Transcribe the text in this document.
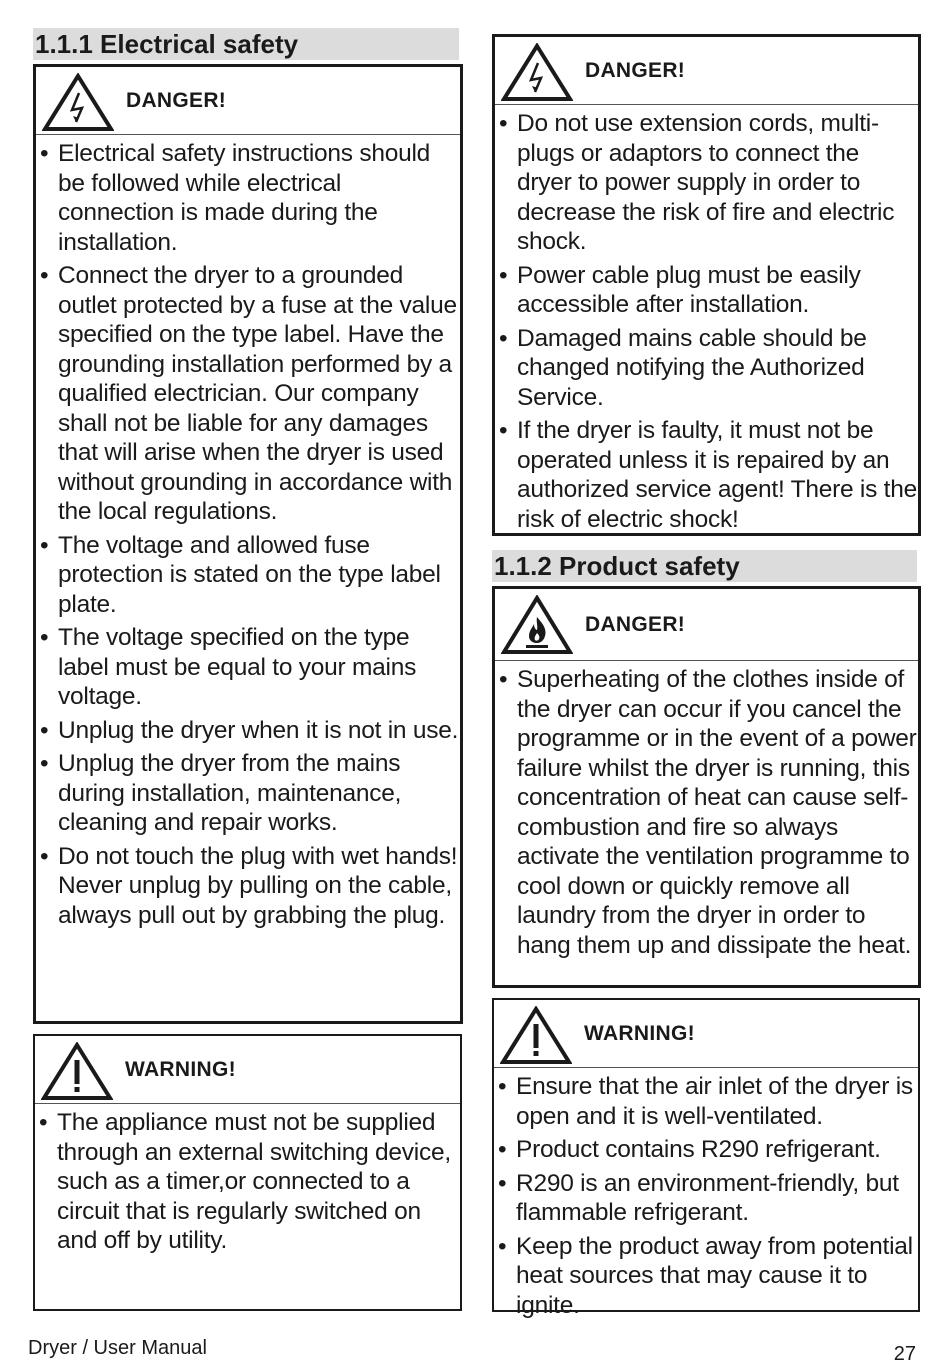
1.1.1 Electrical safety
DANGER!
• Electrical safety instructions should be followed while electrical connection is made during the installation.
• Connect the dryer to a grounded outlet protected by a fuse at the value specified on the type label. Have the grounding installation performed by a qualified electrician. Our company shall not be liable for any damages that will arise when the dryer is used without grounding in accordance with the local regulations.
• The voltage and allowed fuse protection is stated on the type label plate.
• The voltage specified on the type label must be equal to your mains voltage.
• Unplug the dryer when it is not in use.
• Unplug the dryer from the mains during installation, maintenance, cleaning and repair works.
• Do not touch the plug with wet hands! Never unplug by pulling on the cable, always pull out by grabbing the plug.
WARNING!
• The appliance must not be supplied through an external switching device, such as a timer,or connected to a circuit that is regularly switched on and off by utility.
DANGER!
• Do not use extension cords, multi-plugs or adaptors to connect the dryer to power supply in order to decrease the risk of fire and electric shock.
• Power cable plug must be easily accessible after installation.
• Damaged mains cable should be changed notifying the Authorized Service.
• If the dryer is faulty, it must not be operated unless it is repaired by an authorized service agent! There is the risk of electric shock!
1.1.2 Product safety
DANGER!
• Superheating of the clothes inside of the dryer can occur if you cancel the programme or in the event of a power failure whilst the dryer is running, this concentration of heat can cause self-combustion and fire so always activate the ventilation programme to cool down or quickly remove all laundry from the dryer in order to hang them up and dissipate the heat.
WARNING!
• Ensure that the air inlet of the dryer is open and it is well-ventilated.
• Product contains R290 refrigerant.
• R290 is an environment-friendly, but flammable refrigerant.
• Keep the product away from potential heat sources that may cause it to ignite.
Dryer / User Manual	27
